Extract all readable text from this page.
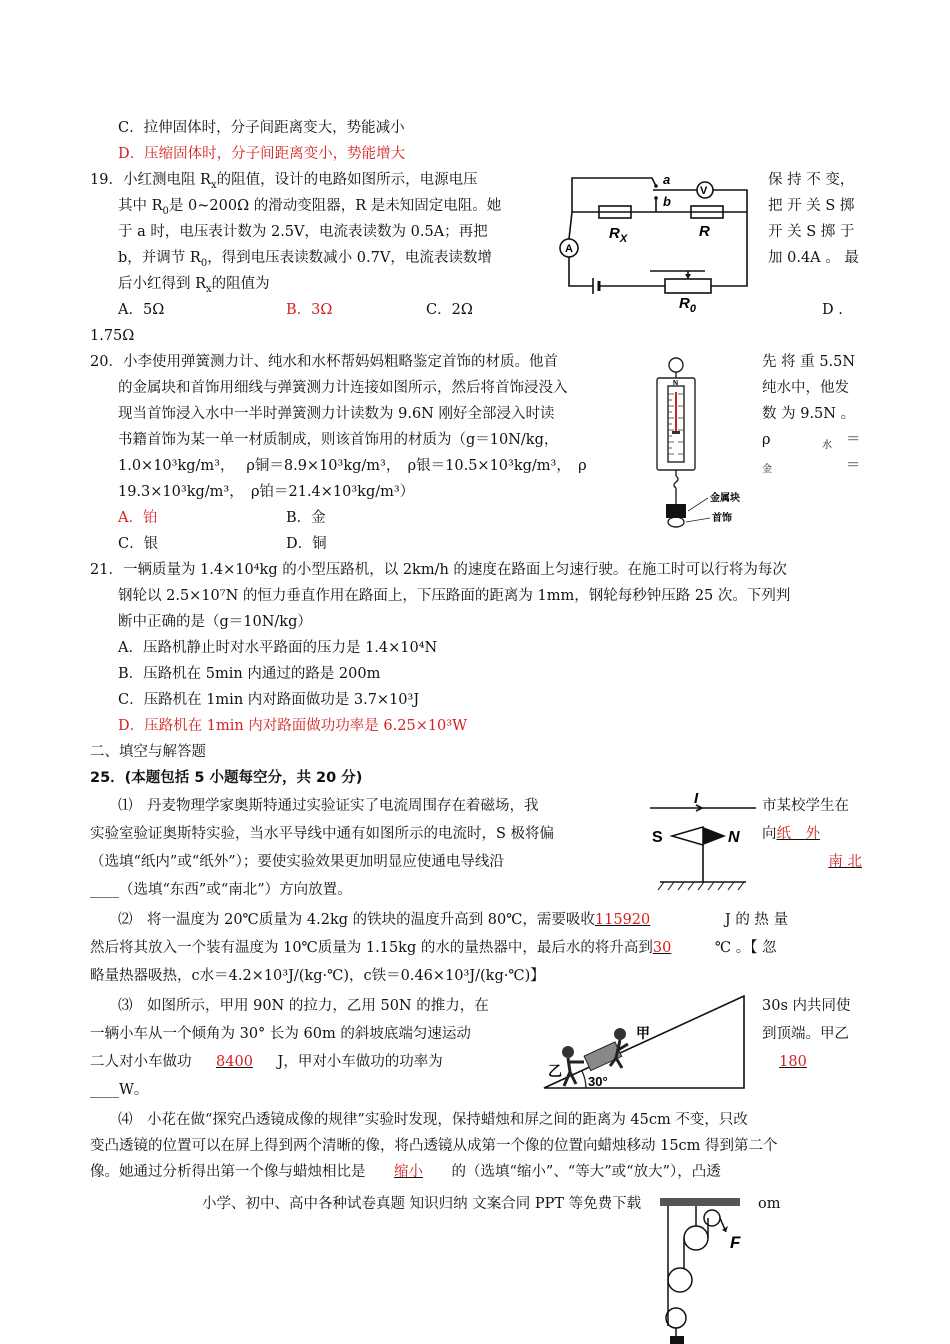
C．拉伸固体时，分子间距离变大，势能减小
D．压缩固体时，分子间距离变小，势能增大
19．小红测电阻 $R_x$的阻值，设计的电路如图所示，电源电压	保 持 不 变，
其中 $R_0$是 0~200Ω 的滑动变阻器，R 是未知固定电阻。她	把 开 关 S 掷
于 a 时，电压表计数为 2.5V，电流表读数为 0.5A；再把	开 关 S 掷 于
b，并调节 $R_0$，得到电压表读数减小 0.7V，电流表读数增	加 0.4A 。 最
后小红得到 $R_x$的阻值为
A．5Ω	B．3Ω	C．2Ω	D .
1.75Ω
a
b
V
A
$R_X$	R
$R_0$
20．小李使用弹簧测力计、纯水和水杯帮妈妈粗略鉴定首饰的材质。他首	先 将 重 5.5N
的金属块和首饰用细线与弹簧测力计连接如图所示，然后将首饰浸没入	纯水中，他发
现当首饰浸入水中一半时弹簧测力计读数为 9.6N 刚好全部浸入时读	数 为 9.5N 。
书籍首饰为某一单一材质制成，则该首饰用的材质为（g＝10N/kg，	ρ	水 ＝
1.0×10³kg/m³，　 ρ铜＝8.9×10³kg/m³，　ρ银＝10.5×10³kg/m³，　ρ	金	＝
19.3×10³kg/m³，　ρ铂＝21.4×10³kg/m³）
A．铂	B．金
C．银	D．铜
N
金属块
首饰
21．一辆质量为 1.4×10⁴kg 的小型压路机，以 2km/h 的速度在路面上匀速行驶。在施工时可以行将为每次
钢轮以 2.5×10⁷N 的恒力垂直作用在路面上，下压路面的距离为 1mm，钢轮每秒钟压路 25 次。下列判
断中正确的是（g＝10N/kg）
A．压路机静止时对水平路面的压力是 1.4×10⁴N
B．压路机在 5min 内通过的路是 200m
C．压路机在 1min 内对路面做功是 3.7×10³J
D．压路机在 1min 内对路面做功功率是 6.25×10³W
二、填空与解答题
25．(本题包括 5 小题每空分，共 20 分)
⑴　丹麦物理学家奥斯特通过实验证实了电流周围存在着磁场，我	市某校学生在
实验室验证奥斯特实验，当水平导线中通有如图所示的电流时，S 极将偏	向纸　外
（选填“纸内”或“纸外”）；要使实验效果更加明显应使通电导线沿	南 北
____（选填“东西”或“南北”）方向放置。
I
S	N
⑵　将一温度为 20℃质量为 4.2kg 的铁块的温度升高到 80℃，需要吸收115920	J 的 热 量
然后将其放入一个装有温度为 10℃质量为 1.15kg 的水的量热器中，最后水的将升高到30	℃ 。【 忽
略量热器吸热，c水＝4.2×10³J/(kg·℃)，c铁＝0.46×10³J/(kg·℃)】
⑶　如图所示，甲用 90N 的拉力，乙用 50N 的推力，在	30s 内共同使
一辆小车从一个倾角为 30° 长为 60m 的斜坡底端匀速运动	到顶端。甲乙
二人对小车做功 8400 J，甲对小车做功的功率为	180
____W。
甲
乙
30°
⑷　小花在做“探究凸透镜成像的规律”实验时发现，保持蜡烛和屏之间的距离为 45cm 不变，只改
变凸透镜的位置可以在屏上得到两个清晰的像，将凸透镜从成第一个像的位置向蜡烛移动 15cm 得到第二个
像。她通过分析得出第一个像与蜡烛相比是 缩小 的（选填“缩小”、“等大”或“放大”），凸透
小学、初中、高中各种试卷真题 知识归纳 文案合同 PPT 等免费下载	om
F
